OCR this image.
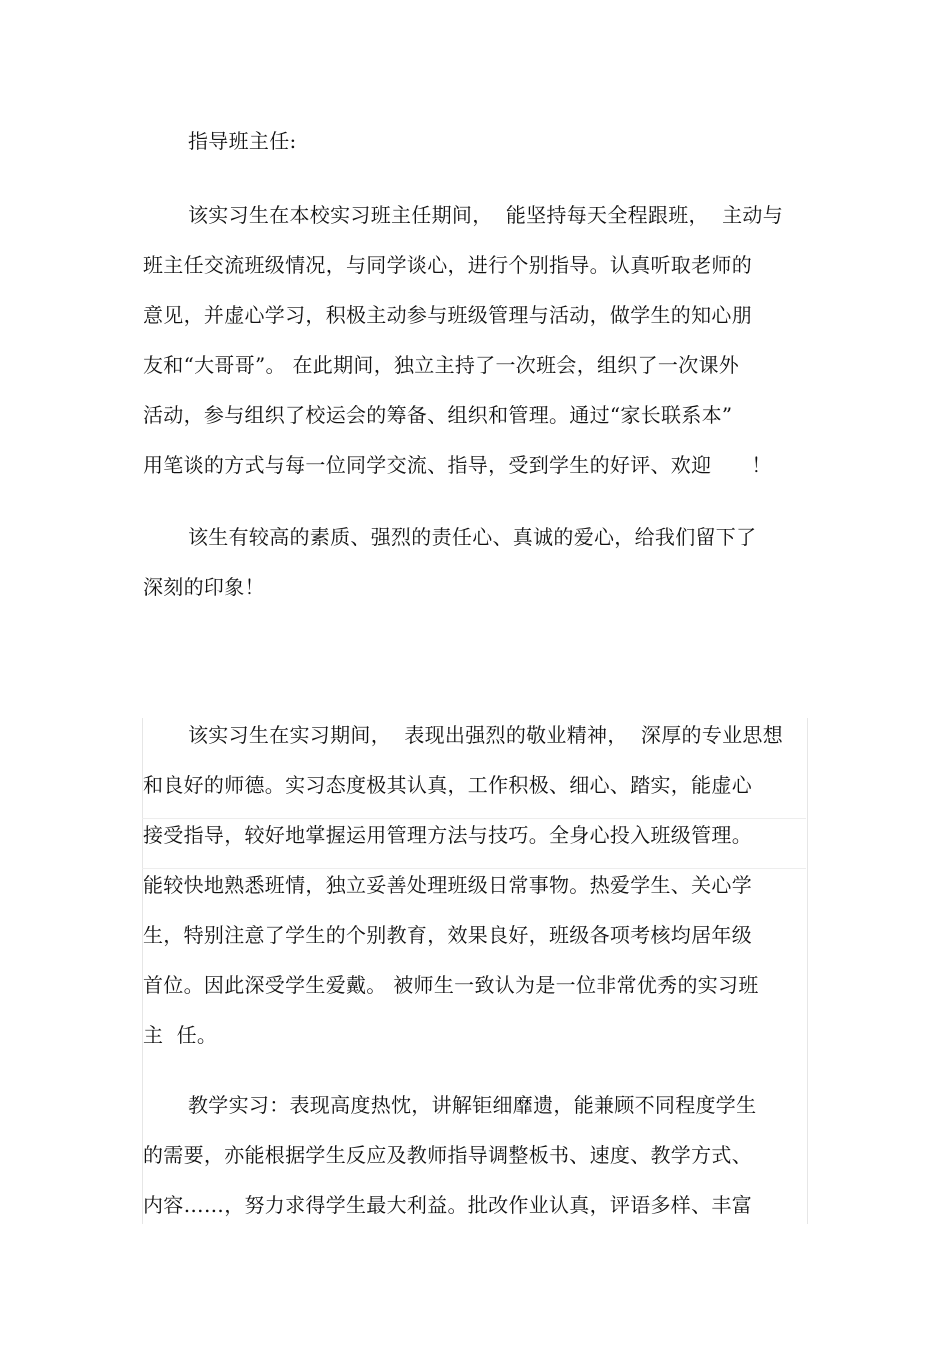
指导班主任:
该实习生在本校实习班主任期间，  能坚持每天全程跟班，  主动与
班主任交流班级情况，与同学谈心，进行个别指导。认真听取老师的
意见，并虚心学习，积极主动参与班级管理与活动，做学生的知心朋
友和“大哥哥”。 在此期间，独立主持了一次班会，组织了一次课外
活动，参与组织了校运会的筹备、组织和管理。通过“家长联系本”
用笔谈的方式与每一位同学交流、指导，受到学生的好评、欢迎      ！
该生有较高的素质、强烈的责任心、真诚的爱心，给我们留下了
深刻的印象！
该实习生在实习期间，  表现出强烈的敬业精神，  深厚的专业思想
和良好的师德。实习态度极其认真，工作积极、细心、踏实，能虚心
接受指导，较好地掌握运用管理方法与技巧。全身心投入班级管理。
能较快地熟悉班情，独立妥善处理班级日常事物。热爱学生、关心学
生，特别注意了学生的个别教育，效果良好，班级各项考核均居年级
首位。因此深受学生爱戴。 被师生一致认为是一位非常优秀的实习班
主  任。
教学实习：表现高度热忱，讲解钜细靡遗，能兼顾不同程度学生
的需要，亦能根据学生反应及教师指导调整板书、速度、教学方式、
内容……，努力求得学生最大利益。批改作业认真，评语多样、丰富
